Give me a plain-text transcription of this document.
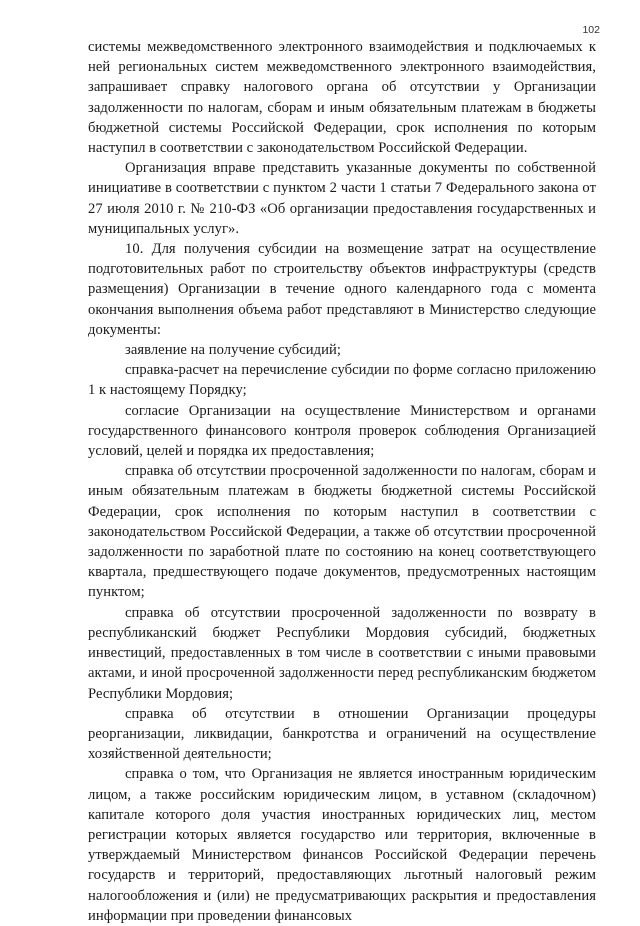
102

системы межведомственного электронного взаимодействия и подключаемых к ней региональных систем межведомственного электронного взаимодействия, запрашивает справку налогового органа об отсутствии у Организации задолженности по налогам, сборам и иным обязательным платежам в бюджеты бюджетной системы Российской Федерации, срок исполнения по которым наступил в соответствии с законодательством Российской Федерации.

Организация вправе представить указанные документы по собственной инициативе в соответствии с пунктом 2 части 1 статьи 7 Федерального закона от 27 июля 2010 г. № 210-ФЗ «Об организации предоставления государственных и муниципальных услуг».

10. Для получения субсидии на возмещение затрат на осуществление подготовительных работ по строительству объектов инфраструктуры (средств размещения) Организации в течение одного календарного года с момента окончания выполнения объема работ представляют в Министерство следующие документы:

заявление на получение субсидий;

справка-расчет на перечисление субсидии по форме согласно приложению 1 к настоящему Порядку;

согласие Организации на осуществление Министерством и органами государственного финансового контроля проверок соблюдения Организацией условий, целей и порядка их предоставления;

справка об отсутствии просроченной задолженности по налогам, сборам и иным обязательным платежам в бюджеты бюджетной системы Российской Федерации, срок исполнения по которым наступил в соответствии с законодательством Российской Федерации, а также об отсутствии просроченной задолженности по заработной плате по состоянию на конец соответствующего квартала, предшествующего подаче документов, предусмотренных настоящим пунктом;

справка об отсутствии просроченной задолженности по возврату в республиканский бюджет Республики Мордовия субсидий, бюджетных инвестиций, предоставленных в том числе в соответствии с иными правовыми актами, и иной просроченной задолженности перед республиканским бюджетом Республики Мордовия;

справка об отсутствии в отношении Организации процедуры реорганизации, ликвидации, банкротства и ограничений на осуществление хозяйственной деятельности;

справка о том, что Организация не является иностранным юридическим лицом, а также российским юридическим лицом, в уставном (складочном) капитале которого доля участия иностранных юридических лиц, местом регистрации которых является государство или территория, включенные в утверждаемый Министерством финансов Российской Федерации перечень государств и территорий, предоставляющих льготный налоговый режим налогообложения и (или) не предусматривающих раскрытия и предоставления информации при проведении финансовых
